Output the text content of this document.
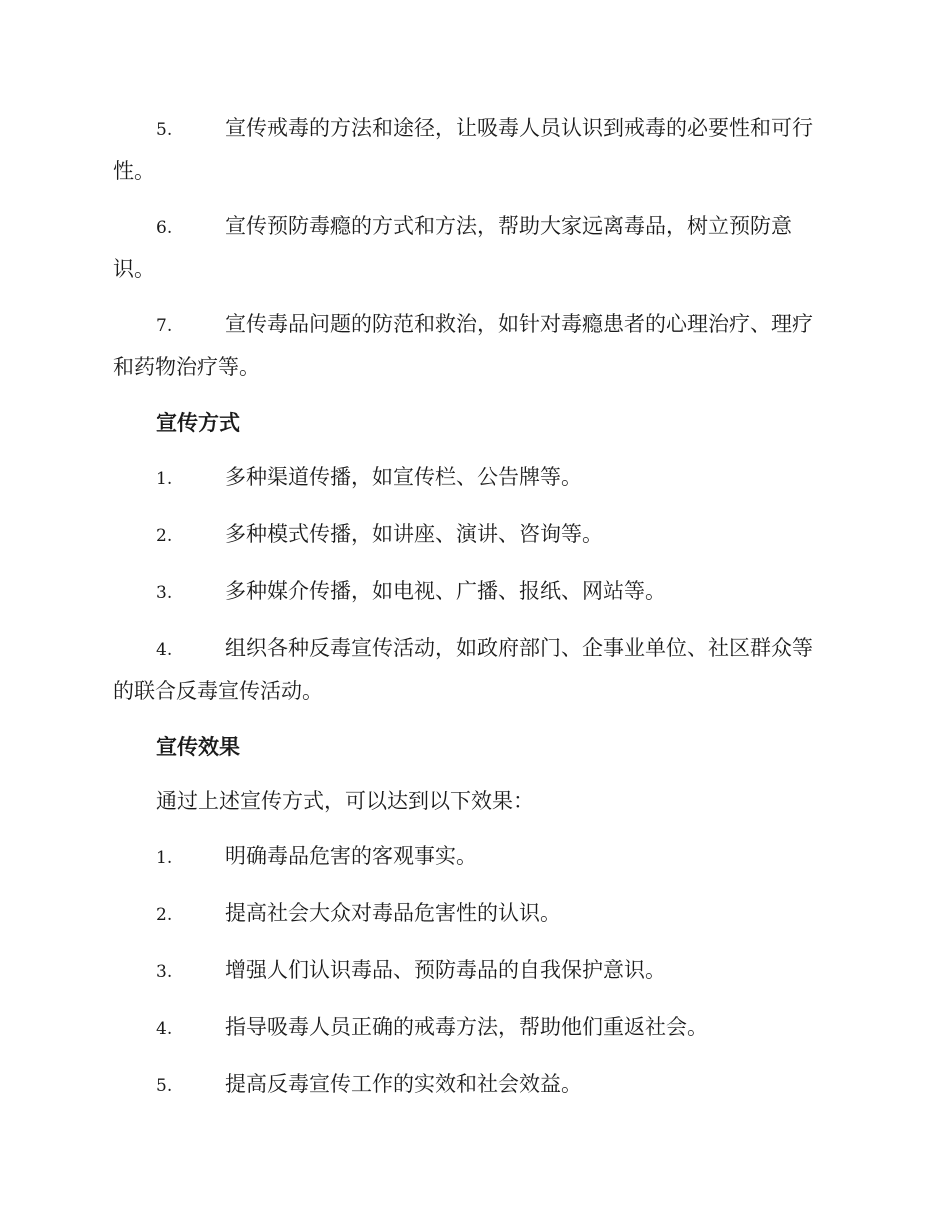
5.	宣传戒毒的方法和途径，让吸毒人员认识到戒毒的必要性和可行性。
6.	宣传预防毒瘾的方式和方法，帮助大家远离毒品，树立预防意识。
7.	宣传毒品问题的防范和救治，如针对毒瘾患者的心理治疗、理疗和药物治疗等。
宣传方式
1.	多种渠道传播，如宣传栏、公告牌等。
2.	多种模式传播，如讲座、演讲、咨询等。
3.	多种媒介传播，如电视、广播、报纸、网站等。
4.	组织各种反毒宣传活动，如政府部门、企事业单位、社区群众等的联合反毒宣传活动。
宣传效果
通过上述宣传方式，可以达到以下效果：
1.	明确毒品危害的客观事实。
2.	提高社会大众对毒品危害性的认识。
3.	增强人们认识毒品、预防毒品的自我保护意识。
4.	指导吸毒人员正确的戒毒方法，帮助他们重返社会。
5.	提高反毒宣传工作的实效和社会效益。
